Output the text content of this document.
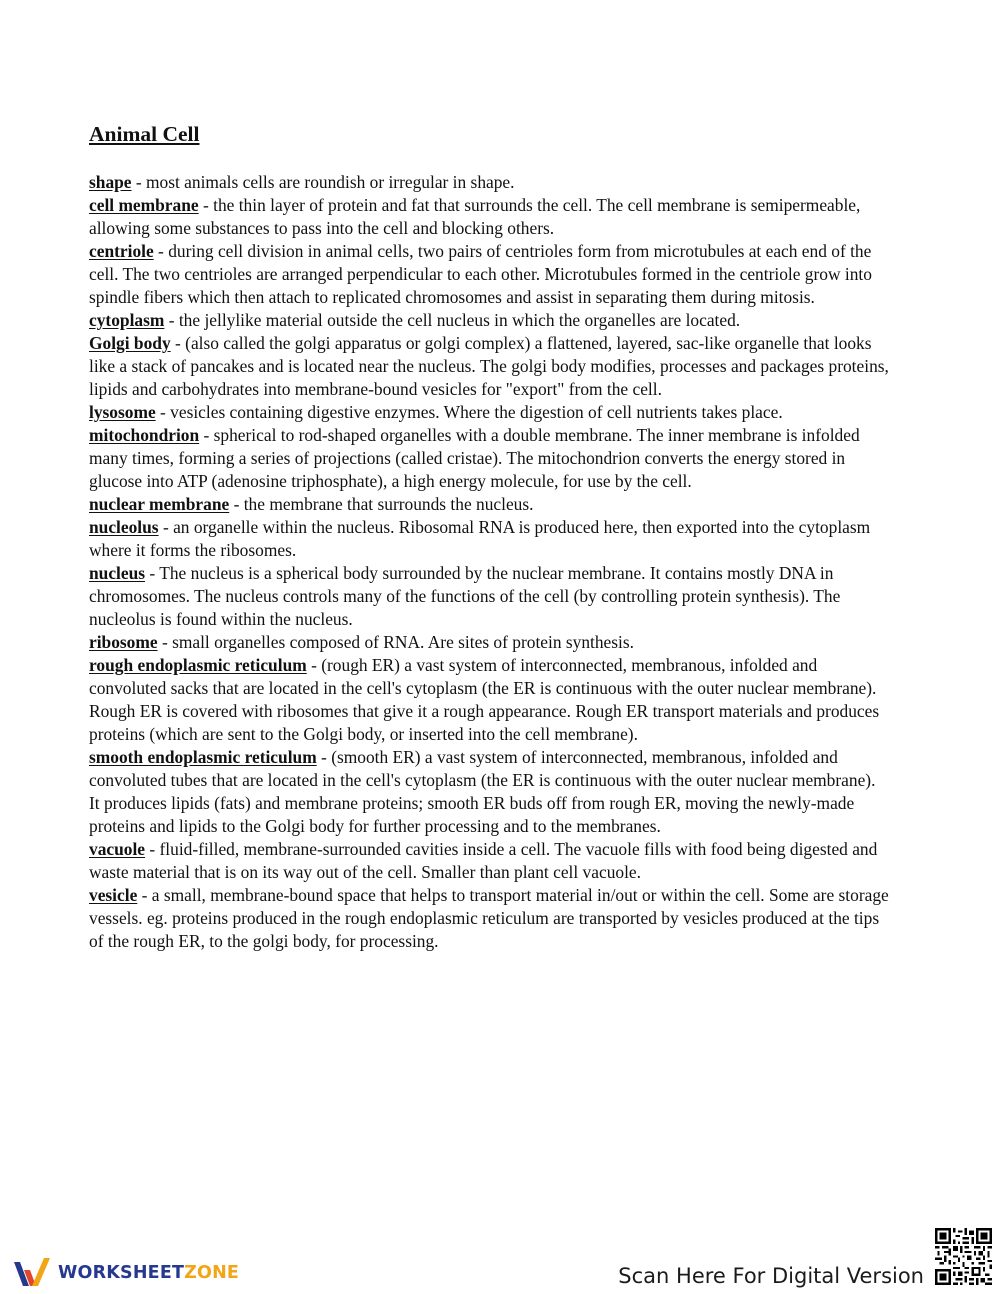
Animal Cell

shape - most animals cells are roundish or irregular in shape.

cell membrane - the thin layer of protein and fat that surrounds the cell. The cell membrane is semipermeable, allowing some substances to pass into the cell and blocking others.

centriole - during cell division in animal cells, two pairs of centrioles form from microtubules at each end of the cell. The two centrioles are arranged perpendicular to each other. Microtubules formed in the centriole grow into spindle fibers which then attach to replicated chromosomes and assist in separating them during mitosis.

cytoplasm - the jellylike material outside the cell nucleus in which the organelles are located.

Golgi body - (also called the golgi apparatus or golgi complex) a flattened, layered, sac-like organelle that looks like a stack of pancakes and is located near the nucleus. The golgi body modifies, processes and packages proteins, lipids and carbohydrates into membrane-bound vesicles for "export" from the cell.

lysosome - vesicles containing digestive enzymes. Where the digestion of cell nutrients takes place.

mitochondrion - spherical to rod-shaped organelles with a double membrane. The inner membrane is infolded many times, forming a series of projections (called cristae). The mitochondrion converts the energy stored in glucose into ATP (adenosine triphosphate), a high energy molecule, for use by the cell.

nuclear membrane - the membrane that surrounds the nucleus.

nucleolus - an organelle within the nucleus. Ribosomal RNA is produced here, then exported into the cytoplasm where it forms the ribosomes.

nucleus - The nucleus is a spherical body surrounded by the nuclear membrane. It contains mostly DNA in chromosomes. The nucleus controls many of the functions of the cell (by controlling protein synthesis). The nucleolus is found within the nucleus.

ribosome - small organelles composed of RNA. Are sites of protein synthesis.

rough endoplasmic reticulum - (rough ER) a vast system of interconnected, membranous, infolded and convoluted sacks that are located in the cell's cytoplasm (the ER is continuous with the outer nuclear membrane). Rough ER is covered with ribosomes that give it a rough appearance. Rough ER transport materials and produces proteins (which are sent to the Golgi body, or inserted into the cell membrane).

smooth endoplasmic reticulum - (smooth ER) a vast system of interconnected, membranous, infolded and convoluted tubes that are located in the cell's cytoplasm (the ER is continuous with the outer nuclear membrane). It produces lipids (fats) and membrane proteins; smooth ER buds off from rough ER, moving the newly-made proteins and lipids to the Golgi body for further processing and to the membranes.

vacuole - fluid-filled, membrane-surrounded cavities inside a cell. The vacuole fills with food being digested and waste material that is on its way out of the cell. Smaller than plant cell vacuole.

vesicle - a small, membrane-bound space that helps to transport material in/out or within the cell. Some are storage vessels. eg. proteins produced in the rough endoplasmic reticulum are transported by vesicles produced at the tips of the rough ER, to the golgi body, for processing.

WORKSHEETZONE	Scan Here For Digital Version
